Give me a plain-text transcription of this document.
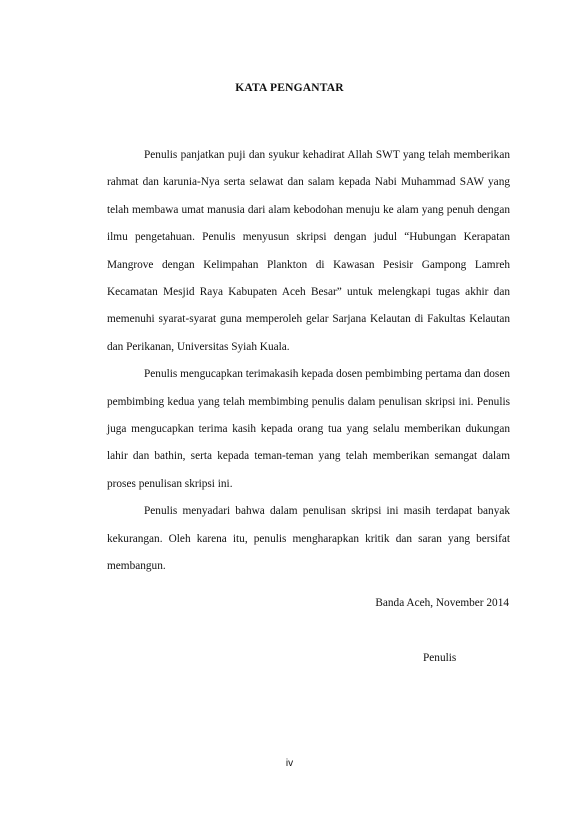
KATA PENGANTAR

Penulis panjatkan puji dan syukur kehadirat Allah SWT yang telah memberikan rahmat dan karunia-Nya serta selawat dan salam kepada Nabi Muhammad SAW yang telah membawa umat manusia dari alam kebodohan menuju ke alam yang penuh dengan ilmu pengetahuan. Penulis menyusun skripsi dengan judul “Hubungan Kerapatan Mangrove dengan Kelimpahan Plankton di Kawasan Pesisir Gampong Lamreh Kecamatan Mesjid Raya Kabupaten Aceh Besar” untuk melengkapi tugas akhir dan memenuhi syarat-syarat guna memperoleh gelar Sarjana Kelautan di Fakultas Kelautan dan Perikanan, Universitas Syiah Kuala.

Penulis mengucapkan terimakasih kepada dosen pembimbing pertama dan dosen pembimbing kedua yang telah membimbing penulis dalam penulisan skripsi ini. Penulis juga mengucapkan terima kasih kepada orang tua yang selalu memberikan dukungan lahir dan bathin, serta kepada teman-teman yang telah memberikan semangat dalam proses penulisan skripsi ini.

Penulis menyadari bahwa dalam penulisan skripsi ini masih terdapat banyak kekurangan. Oleh karena itu, penulis mengharapkan kritik dan saran yang bersifat membangun.

Banda Aceh, November 2014
Penulis
iv
